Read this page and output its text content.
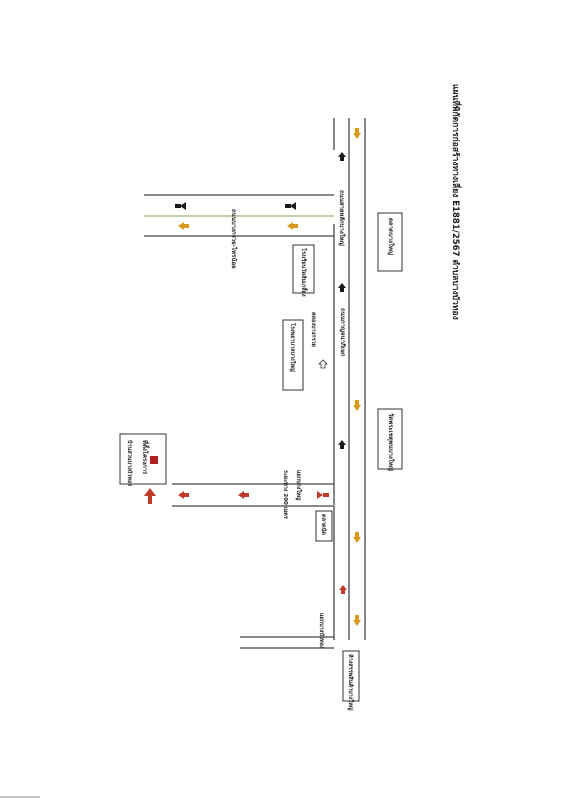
แผนที่พิกัดการก่อสร้างทางเลี่ยง E1881/2567 ตำบลบางบัวทอง
ถนนบางกรวย-ไทรน้อย	ถนนสายหลักบางใหญ่
ถนนกาญจนาภิเษก
คลองบางกรวย
ระยะทาง 200 เมตร แยกบางใหญ่
แยกบางบัวทอง
ตลาดบางใหญ่
วัดพระเชตุพนบางใหญ่
โรงเรียนวัดส้มเกลี้ยง
โรงพยาบาลบางใหญ่
ตลาดนัด
ห้างสรรพสินค้าบางใหญ่
ที่ตั้งโครงการ
บ้านสวนบางบัวทอง
